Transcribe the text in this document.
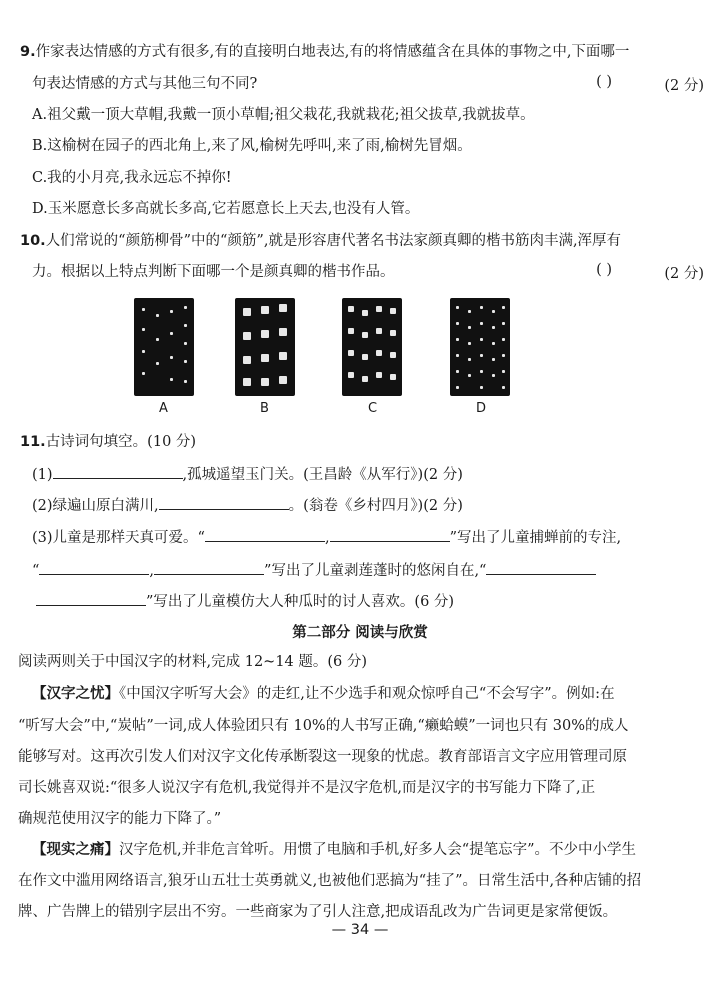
9.作家表达情感的方式有很多,有的直接明白地表达,有的将情感蕴含在具体的事物之中,下面哪一
句表达情感的方式与其他三句不同?	( )	(2 分)
A.祖父戴一顶大草帽,我戴一顶小草帽;祖父栽花,我就栽花;祖父拔草,我就拔草。
B.这榆树在园子的西北角上,来了风,榆树先呼叫,来了雨,榆树先冒烟。
C.我的小月亮,我永远忘不掉你!
D.玉米愿意长多高就长多高,它若愿意长上天去,也没有人管。
10.人们常说的“颜筋柳骨”中的“颜筋”,就是形容唐代著名书法家颜真卿的楷书筋肉丰满,浑厚有
力。根据以上特点判断下面哪一个是颜真卿的楷书作品。	( )	(2 分)
A	B	C	D
11.古诗词句填空。(10 分)
(1)	,孤城遥望玉门关。(王昌龄《从军行》)(2 分)
(2)绿遍山原白满川,	。(翁卷《乡村四月》)(2 分)
(3)儿童是那样天真可爱。“	,	”写出了儿童捕蝉前的专注,
“	,	”写出了儿童剥莲蓬时的悠闲自在,“
”写出了儿童模仿大人种瓜时的讨人喜欢。(6 分)
第二部分 阅读与欣赏
阅读两则关于中国汉字的材料,完成 12~14 题。(6 分)
【汉字之忧】《中国汉字听写大会》的走红,让不少选手和观众惊呼自己“不会写字”。例如:在
“听写大会”中,“炭帖”一词,成人体验团只有 10%的人书写正确,“癞蛤蟆”一词也只有 30%的成人
能够写对。这再次引发人们对汉字文化传承断裂这一现象的忧虑。教育部语言文字应用管理司原
司长姚喜双说:“很多人说汉字有危机,我觉得并不是汉字危机,而是汉字的书写能力下降了,正
确规范使用汉字的能力下降了。”
【现实之痛】汉字危机,并非危言耸听。用惯了电脑和手机,好多人会“提笔忘字”。不少中小学生
在作文中滥用网络语言,狼牙山五壮士英勇就义,也被他们恶搞为“挂了”。日常生活中,各种店铺的招
牌、广告牌上的错别字层出不穷。一些商家为了引人注意,把成语乱改为广告词更是家常便饭。
— 34 —
